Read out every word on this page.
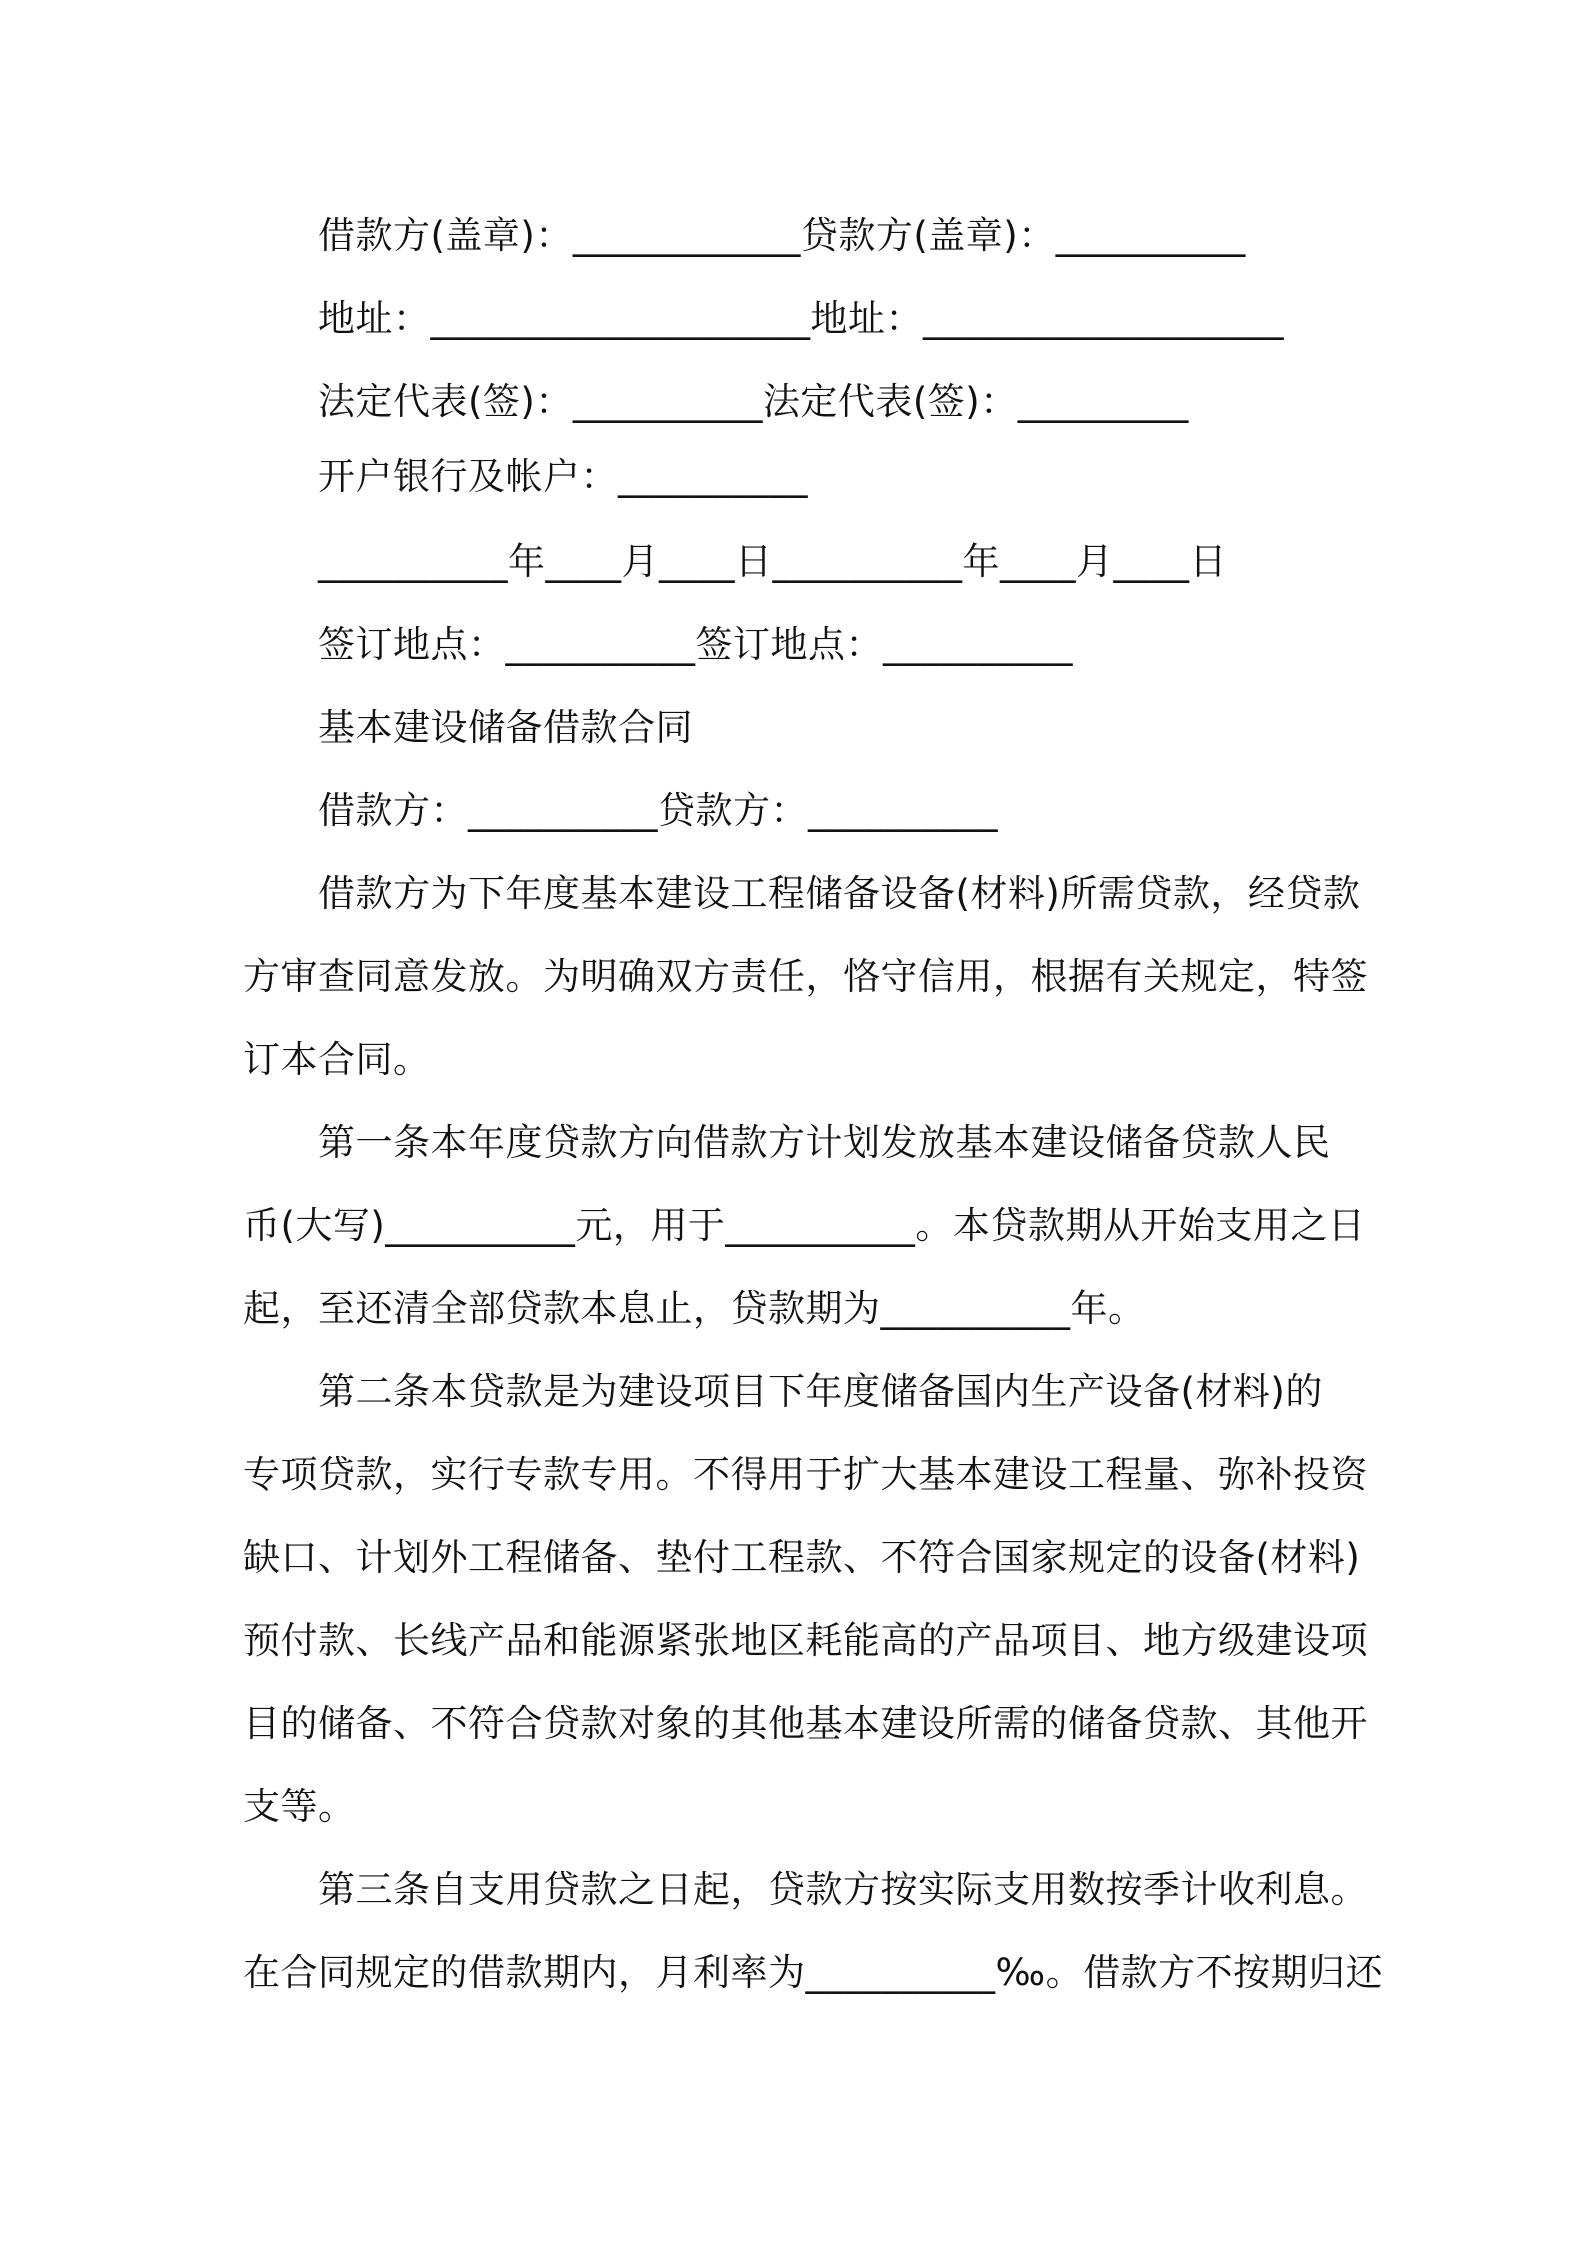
借款方(盖章)：____________贷款方(盖章)：__________
地址：____________________地址：___________________
法定代表(签)：__________法定代表(签)：_________
开户银行及帐户：__________
__________年____月____日__________年____月____日
签订地点：__________签订地点：__________
基本建设储备借款合同
借款方：__________贷款方：__________
借款方为下年度基本建设工程储备设备(材料)所需贷款，经贷款
方审查同意发放。为明确双方责任，恪守信用，根据有关规定，特签
订本合同。
第一条本年度贷款方向借款方计划发放基本建设储备贷款人民
币(大写)__________元，用于__________。本贷款期从开始支用之日
起，至还清全部贷款本息止，贷款期为__________年。
第二条本贷款是为建设项目下年度储备国内生产设备(材料)的
专项贷款，实行专款专用。不得用于扩大基本建设工程量、弥补投资
缺口、计划外工程储备、垫付工程款、不符合国家规定的设备(材料)
预付款、长线产品和能源紧张地区耗能高的产品项目、地方级建设项
目的储备、不符合贷款对象的其他基本建设所需的储备贷款、其他开
支等。
第三条自支用贷款之日起，贷款方按实际支用数按季计收利息。
在合同规定的借款期内，月利率为__________‰。借款方不按期归还
